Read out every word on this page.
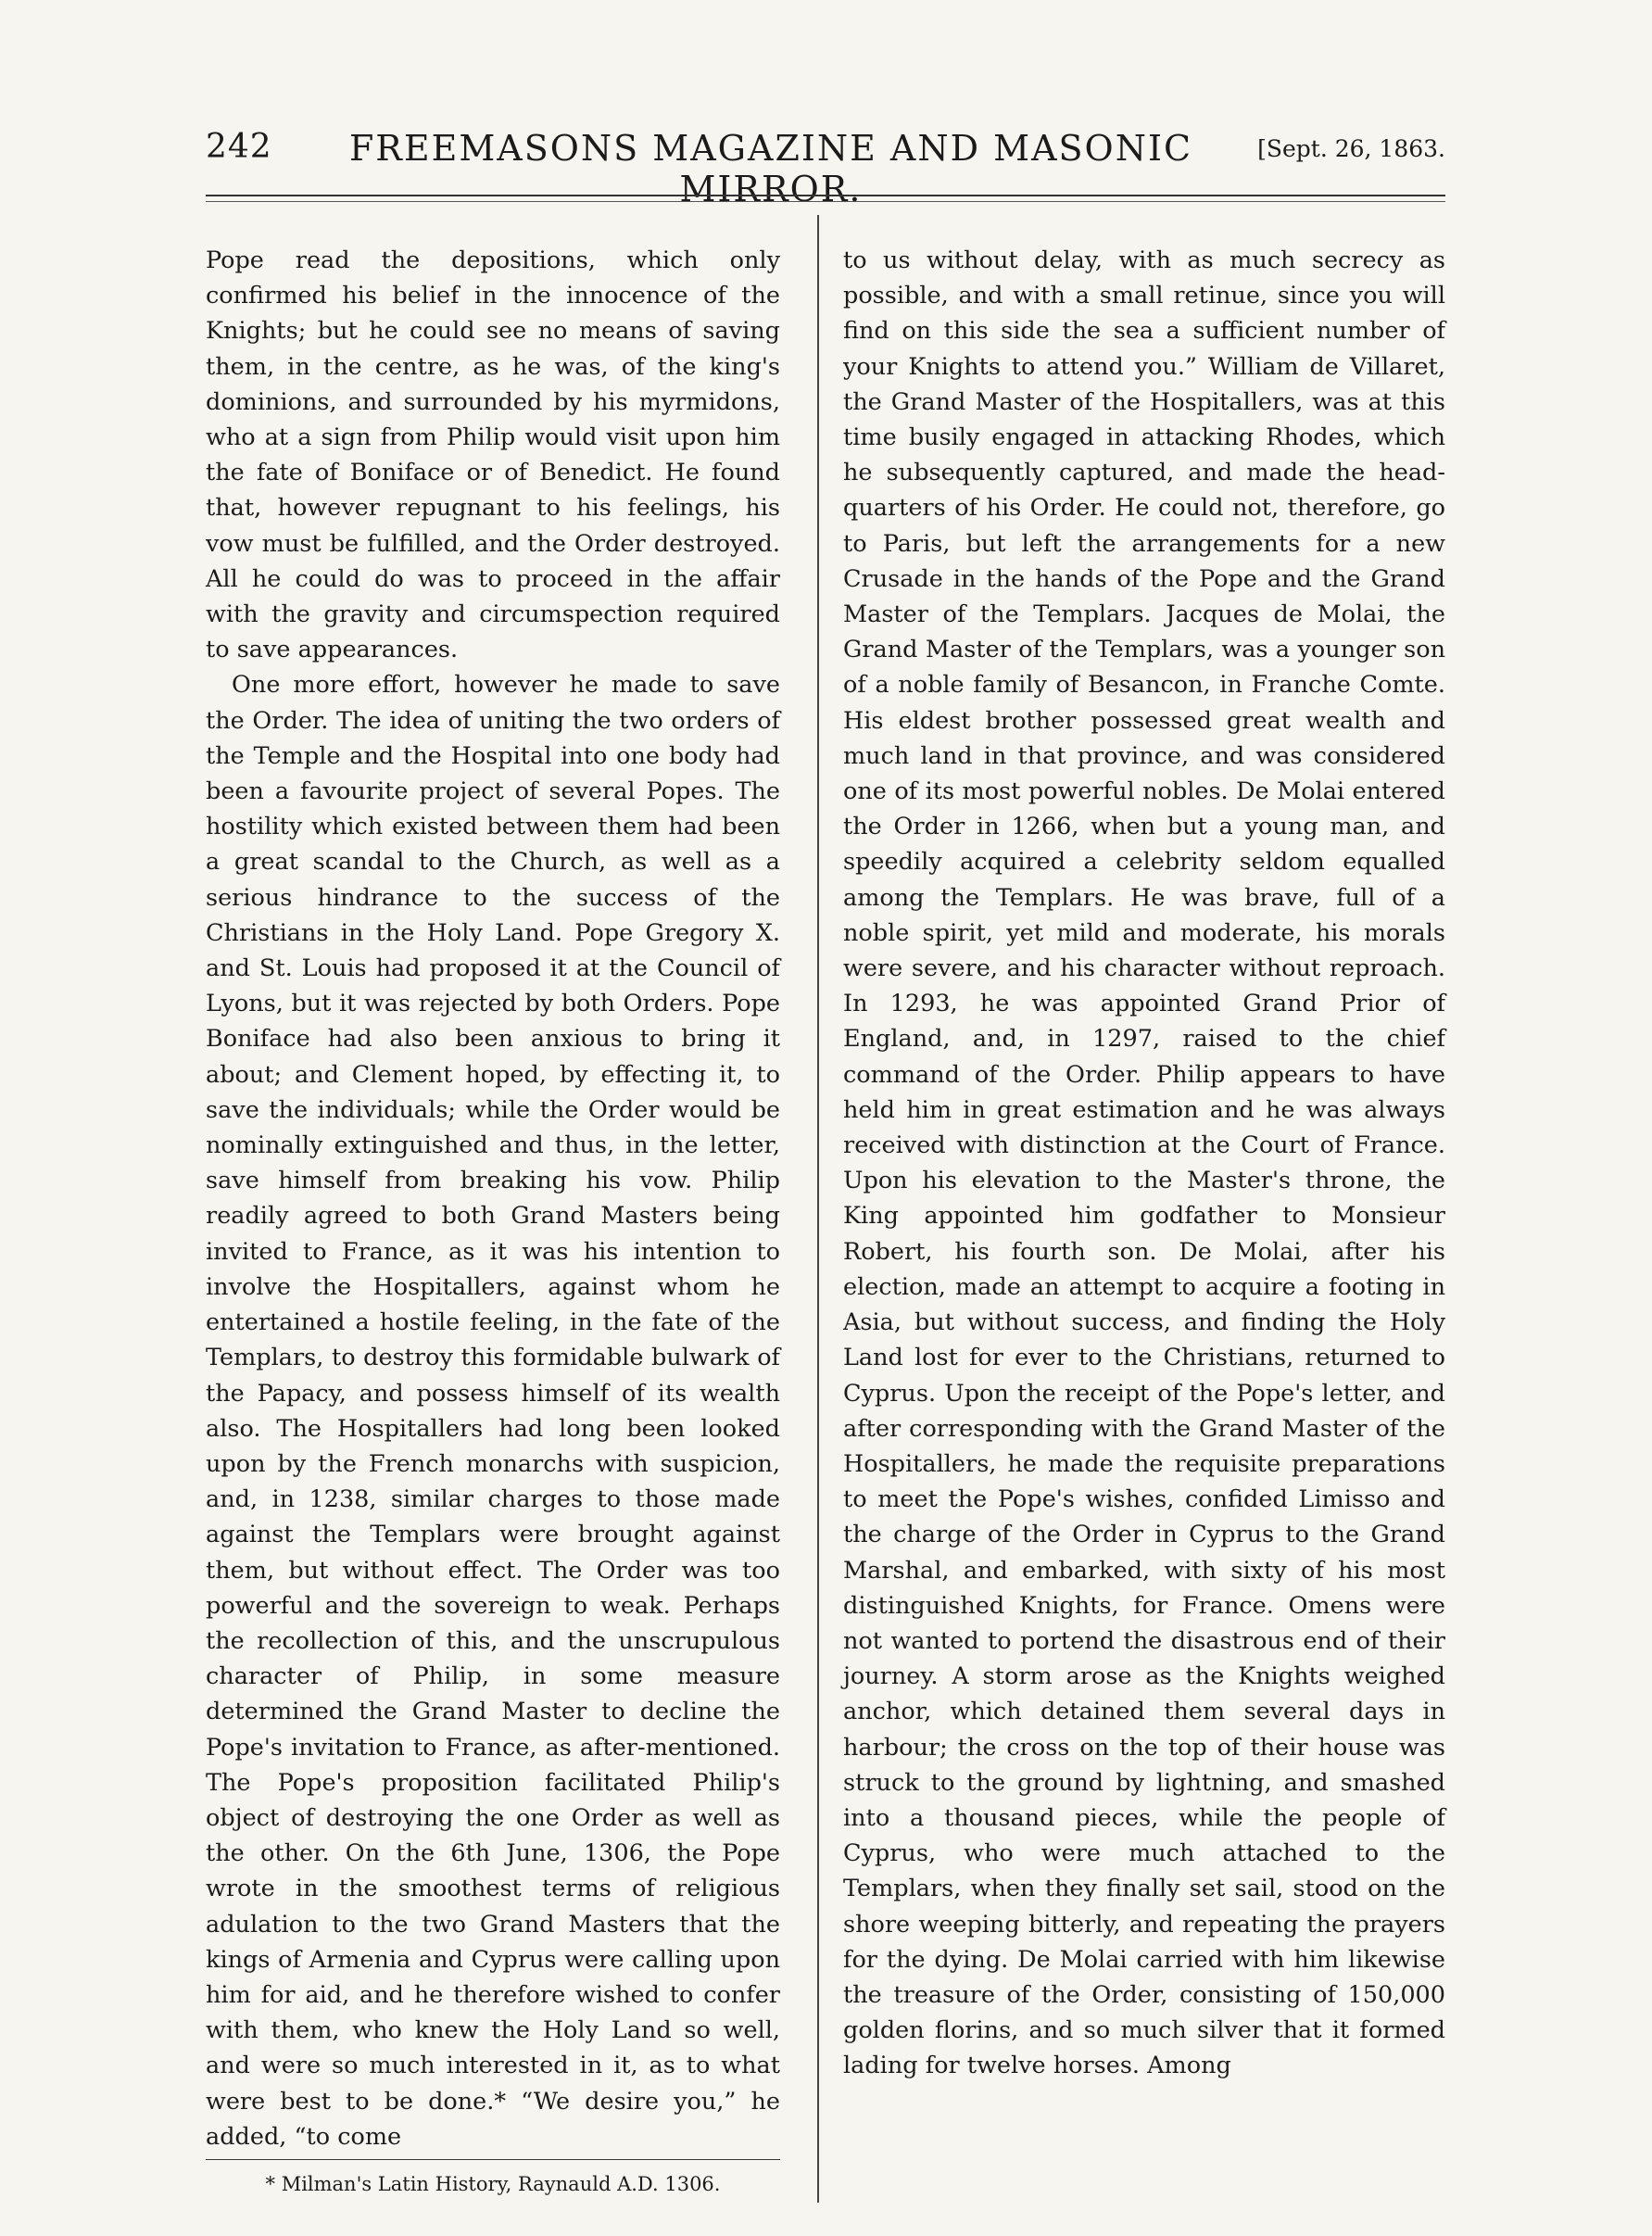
242	FREEMASONS MAGAZINE AND MASONIC MIRROR.
[Sept. 26, 1863.

Pope read the depositions, which only confirmed his belief in the innocence of the Knights; but he could see no means of saving them, in the centre, as he was, of the king's dominions, and surrounded by his myrmidons, who at a sign from Philip would visit upon him the fate of Boniface or of Benedict. He found that, however repugnant to his feelings, his vow must be fulfilled, and the Order destroyed. All he could do was to proceed in the affair with the gravity and circumspection required to save appearances.

One more effort, however he made to save the Order. The idea of uniting the two orders of the Temple and the Hospital into one body had been a favourite project of several Popes. The hostility which existed between them had been a great scandal to the Church, as well as a serious hindrance to the success of the Christians in the Holy Land. Pope Gregory X. and St. Louis had proposed it at the Council of Lyons, but it was rejected by both Orders. Pope Boniface had also been anxious to bring it about; and Clement hoped, by effecting it, to save the individuals; while the Order would be nominally extinguished and thus, in the letter, save himself from breaking his vow. Philip readily agreed to both Grand Masters being invited to France, as it was his intention to involve the Hospitallers, against whom he entertained a hostile feeling, in the fate of the Templars, to destroy this formidable bulwark of the Papacy, and possess himself of its wealth also. The Hospitallers had long been looked upon by the French monarchs with suspicion, and, in 1238, similar charges to those made against the Templars were brought against them, but without effect. The Order was too powerful and the sovereign to weak. Perhaps the recollection of this, and the unscrupulous character of Philip, in some measure determined the Grand Master to decline the Pope's invitation to France, as after-mentioned. The Pope's proposition facilitated Philip's object of destroying the one Order as well as the other. On the 6th June, 1306, the Pope wrote in the smoothest terms of religious adulation to the two Grand Masters that the kings of Armenia and Cyprus were calling upon him for aid, and he therefore wished to confer with them, who knew the Holy Land so well, and were so much interested in it, as to what were best to be done.* “We desire you,” he added, “to come

to us without delay, with as much secrecy as possible, and with a small retinue, since you will find on this side the sea a sufficient number of your Knights to attend you.” William de Villaret, the Grand Master of the Hospitallers, was at this time busily engaged in attacking Rhodes, which he subsequently captured, and made the head-quarters of his Order. He could not, therefore, go to Paris, but left the arrangements for a new Crusade in the hands of the Pope and the Grand Master of the Templars. Jacques de Molai, the Grand Master of the Templars, was a younger son of a noble family of Besancon, in Franche Comte. His eldest brother possessed great wealth and much land in that province, and was considered one of its most powerful nobles. De Molai entered the Order in 1266, when but a young man, and speedily acquired a celebrity seldom equalled among the Templars. He was brave, full of a noble spirit, yet mild and moderate, his morals were severe, and his character without reproach. In 1293, he was appointed Grand Prior of England, and, in 1297, raised to the chief command of the Order. Philip appears to have held him in great estimation and he was always received with distinction at the Court of France. Upon his elevation to the Master's throne, the King appointed him godfather to Monsieur Robert, his fourth son. De Molai, after his election, made an attempt to acquire a footing in Asia, but without success, and finding the Holy Land lost for ever to the Christians, returned to Cyprus. Upon the receipt of the Pope's letter, and after corresponding with the Grand Master of the Hospitallers, he made the requisite preparations to meet the Pope's wishes, confided Limisso and the charge of the Order in Cyprus to the Grand Marshal, and embarked, with sixty of his most distinguished Knights, for France. Omens were not wanted to portend the disastrous end of their journey. A storm arose as the Knights weighed anchor, which detained them several days in harbour; the cross on the top of their house was struck to the ground by lightning, and smashed into a thousand pieces, while the people of Cyprus, who were much attached to the Templars, when they finally set sail, stood on the shore weeping bitterly, and repeating the prayers for the dying. De Molai carried with him likewise the treasure of the Order, consisting of 150,000 golden florins, and so much silver that it formed lading for twelve horses. Among

* Milman's Latin History, Raynauld A.D. 1306.
